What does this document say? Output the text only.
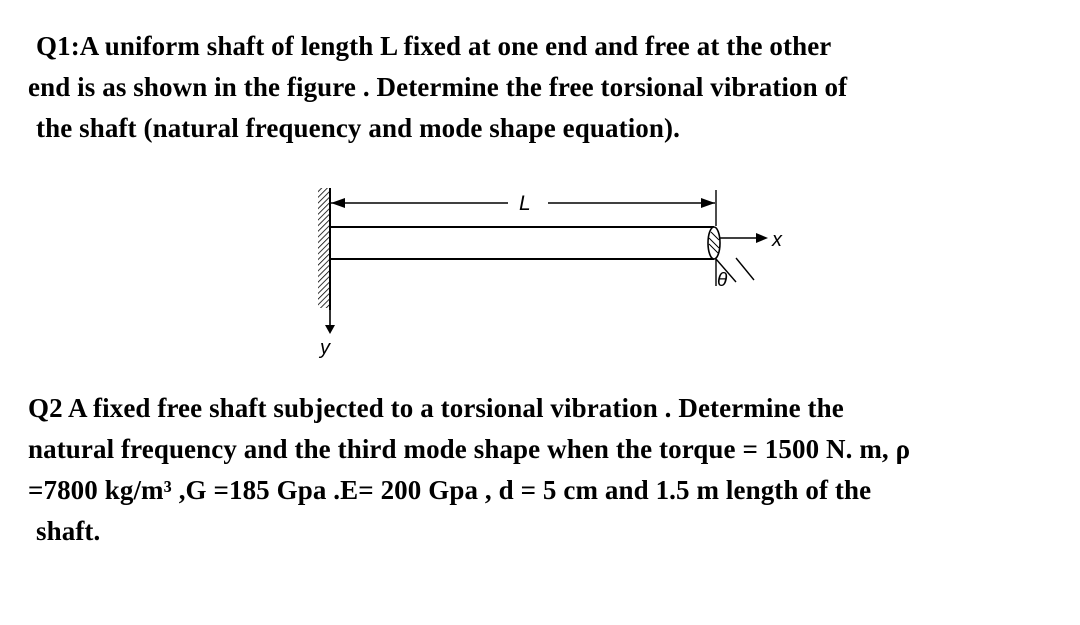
Q1:A uniform shaft of length L fixed at one end and free at the other
end is as shown in the figure . Determine the free torsional vibration of
the shaft (natural frequency and mode shape equation).
y
L
x
θ
Q2 A fixed free shaft subjected to a torsional vibration . Determine the
natural frequency and the third mode shape when the torque = 1500 N. m, ρ
=7800 kg/m³ ,G =185 Gpa .E= 200 Gpa , d = 5 cm and 1.5 m length of the
shaft.
